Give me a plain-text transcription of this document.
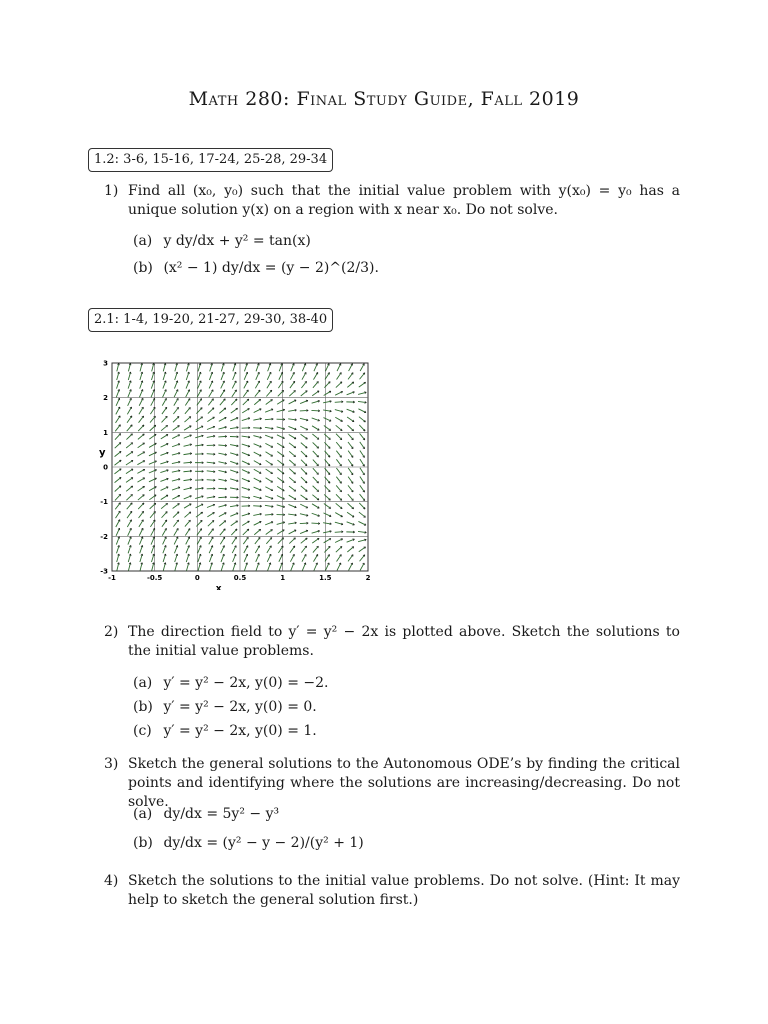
Math 280: Final Study Guide, Fall 2019
1.2: 3-6, 15-16, 17-24, 25-28, 29-34
1) Find all (x₀, y₀) such that the initial value problem with y(x₀) = y₀ has a unique solution y(x) on a region with x near x₀. Do not solve.
(a) y dy/dx + y² = tan(x)
(b) (x² − 1) dy/dx = (y − 2)^(2/3).
2.1: 1-4, 19-20, 21-27, 29-30, 38-40
-1	-0.5	0	0.5	1	1.5	2
3
2
1
0
-1
-2
-3
x
y
2) The direction field to y′ = y² − 2x is plotted above. Sketch the solutions to the initial value problems.
(a) y′ = y² − 2x, y(0) = −2.
(b) y′ = y² − 2x, y(0) = 0.
(c) y′ = y² − 2x, y(0) = 1.
3) Sketch the general solutions to the Autonomous ODE’s by finding the critical points and identifying where the solutions are increasing/decreasing. Do not solve.
(a) dy/dx = 5y² − y³
(b) dy/dx = (y² − y − 2)/(y² + 1)
4) Sketch the solutions to the initial value problems. Do not solve. (Hint: It may help to sketch the general solution first.)
